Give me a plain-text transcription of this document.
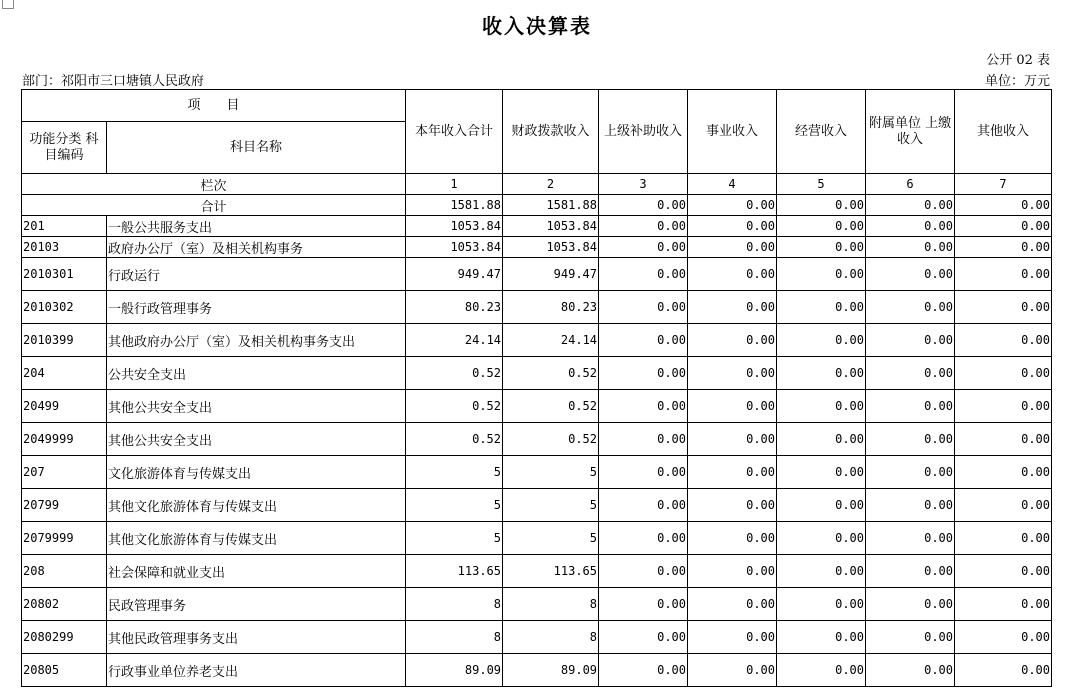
收入决算表
公开 02 表
部门：祁阳市三口塘镇人民政府	单位：万元
项　　目		本年收入合计	财政拨款收入	上级补助收入	事业收入	经营收入	附属单位 上缴收入	其他收入
功能分类 科目编码	科目名称							
栏次		1	2	3	4	5	6	7
合计		1581.88	1581.88	0.00	0.00	0.00	0.00	0.00
201	一般公共服务支出	1053.84	1053.84	0.00	0.00	0.00	0.00	0.00
20103	政府办公厅（室）及相关机构事务	1053.84	1053.84	0.00	0.00	0.00	0.00	0.00
2010301	行政运行	949.47	949.47	0.00	0.00	0.00	0.00	0.00
2010302	一般行政管理事务	80.23	80.23	0.00	0.00	0.00	0.00	0.00
2010399	其他政府办公厅（室）及相关机构事务支出	24.14	24.14	0.00	0.00	0.00	0.00	0.00
204	公共安全支出	0.52	0.52	0.00	0.00	0.00	0.00	0.00
20499	其他公共安全支出	0.52	0.52	0.00	0.00	0.00	0.00	0.00
2049999	其他公共安全支出	0.52	0.52	0.00	0.00	0.00	0.00	0.00
207	文化旅游体育与传媒支出	5	5	0.00	0.00	0.00	0.00	0.00
20799	其他文化旅游体育与传媒支出	5	5	0.00	0.00	0.00	0.00	0.00
2079999	其他文化旅游体育与传媒支出	5	5	0.00	0.00	0.00	0.00	0.00
208	社会保障和就业支出	113.65	113.65	0.00	0.00	0.00	0.00	0.00
20802	民政管理事务	8	8	0.00	0.00	0.00	0.00	0.00
2080299	其他民政管理事务支出	8	8	0.00	0.00	0.00	0.00	0.00
20805	行政事业单位养老支出	89.09	89.09	0.00	0.00	0.00	0.00	0.00
